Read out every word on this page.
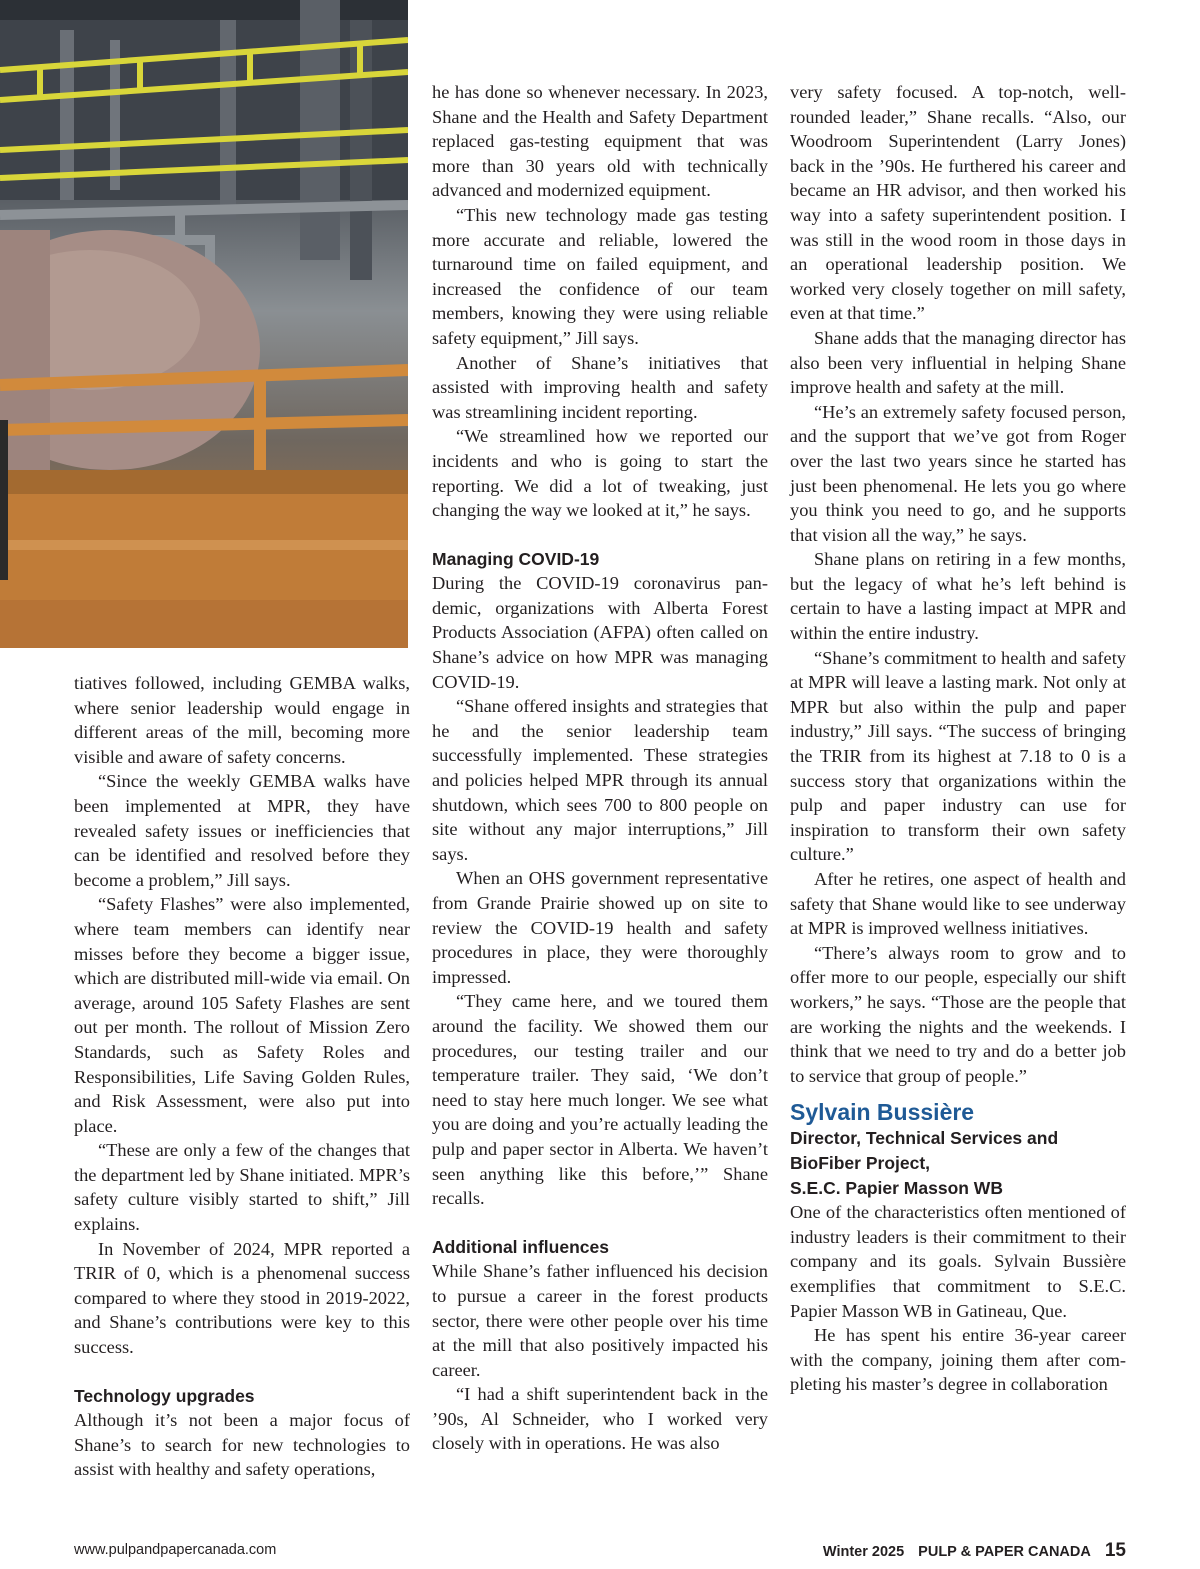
tiatives followed, including GEMBA walks, where senior leadership would engage in different areas of the mill, becoming more visible and aware of safety concerns.

“Since the weekly GEMBA walks have been implemented at MPR, they have revealed safety issues or inefficiencies that can be identified and resolved before they become a problem,” Jill says.

“Safety Flashes” were also implemented, where team members can identify near misses before they become a bigger issue, which are distributed mill-wide via email. On average, around 105 Safety Flashes are sent out per month. The rollout of Mission Zero Standards, such as Safety Roles and Responsibilities, Life Saving Golden Rules, and Risk Assessment, were also put into place.

“These are only a few of the changes that the department led by Shane initiated. MPR’s safety culture visibly started to shift,” Jill explains.

In November of 2024, MPR reported a TRIR of 0, which is a phenomenal success compared to where they stood in 2019-2022, and Shane’s contributions were key to this success.

Technology upgrades

Although it’s not been a major focus of Shane’s to search for new technologies to assist with healthy and safety operations,

he has done so whenever necessary. In 2023, Shane and the Health and Safety Department replaced gas-testing equipment that was more than 30 years old with technically advanced and modernized equipment.

“This new technology made gas testing more accurate and reliable, lowered the turnaround time on failed equipment, and increased the confidence of our team members, knowing they were using reliable safety equipment,” Jill says.

Another of Shane’s initiatives that assisted with improving health and safety was streamlining incident reporting.

“We streamlined how we reported our incidents and who is going to start the reporting. We did a lot of tweaking, just changing the way we looked at it,” he says.

Managing COVID-19

During the COVID-19 coronavirus pandemic, organizations with Alberta Forest Products Association (AFPA) often called on Shane’s advice on how MPR was managing COVID-19.

“Shane offered insights and strategies that he and the senior leadership team successfully implemented. These strategies and policies helped MPR through its annual shutdown, which sees 700 to 800 people on site without any major interruptions,” Jill says.

When an OHS government representative from Grande Prairie showed up on site to review the COVID-19 health and safety procedures in place, they were thoroughly impressed.

“They came here, and we toured them around the facility. We showed them our procedures, our testing trailer and our temperature trailer. They said, ‘We don’t need to stay here much longer. We see what you are doing and you’re actually leading the pulp and paper sector in Alberta. We haven’t seen anything like this before,’” Shane recalls.

Additional influences

While Shane’s father influenced his decision to pursue a career in the forest products sector, there were other people over his time at the mill that also positively impacted his career.

“I had a shift superintendent back in the ’90s, Al Schneider, who I worked very closely with in operations. He was also

very safety focused. A top-notch, well-rounded leader,” Shane recalls. “Also, our Woodroom Superintendent (Larry Jones) back in the ’90s. He furthered his career and became an HR advisor, and then worked his way into a safety superintendent position. I was still in the wood room in those days in an operational leadership position. We worked very closely together on mill safety, even at that time.”

Shane adds that the managing director has also been very influential in helping Shane improve health and safety at the mill.

“He’s an extremely safety focused person, and the support that we’ve got from Roger over the last two years since he started has just been phenomenal. He lets you go where you think you need to go, and he supports that vision all the way,” he says.

Shane plans on retiring in a few months, but the legacy of what he’s left behind is certain to have a lasting impact at MPR and within the entire industry.

“Shane’s commitment to health and safety at MPR will leave a lasting mark. Not only at MPR but also within the pulp and paper industry,” Jill says. “The success of bringing the TRIR from its highest at 7.18 to 0 is a success story that organizations within the pulp and paper industry can use for inspiration to transform their own safety culture.”

After he retires, one aspect of health and safety that Shane would like to see underway at MPR is improved wellness initiatives.

“There’s always room to grow and to offer more to our people, especially our shift workers,” he says. “Those are the people that are working the nights and the weekends. I think that we need to try and do a better job to service that group of people.”

Sylvain Bussière
Director, Technical Services and
BioFiber Project,
S.E.C. Papier Masson WB

One of the characteristics often mentioned of industry leaders is their commitment to their company and its goals. Sylvain Bussière exemplifies that commitment to S.E.C. Papier Masson WB in Gatineau, Que.

He has spent his entire 36-year career with the company, joining them after completing his master’s degree in collaboration

www.pulpandpapercanada.com	Winter 2025 PULP & PAPER CANADA 15
